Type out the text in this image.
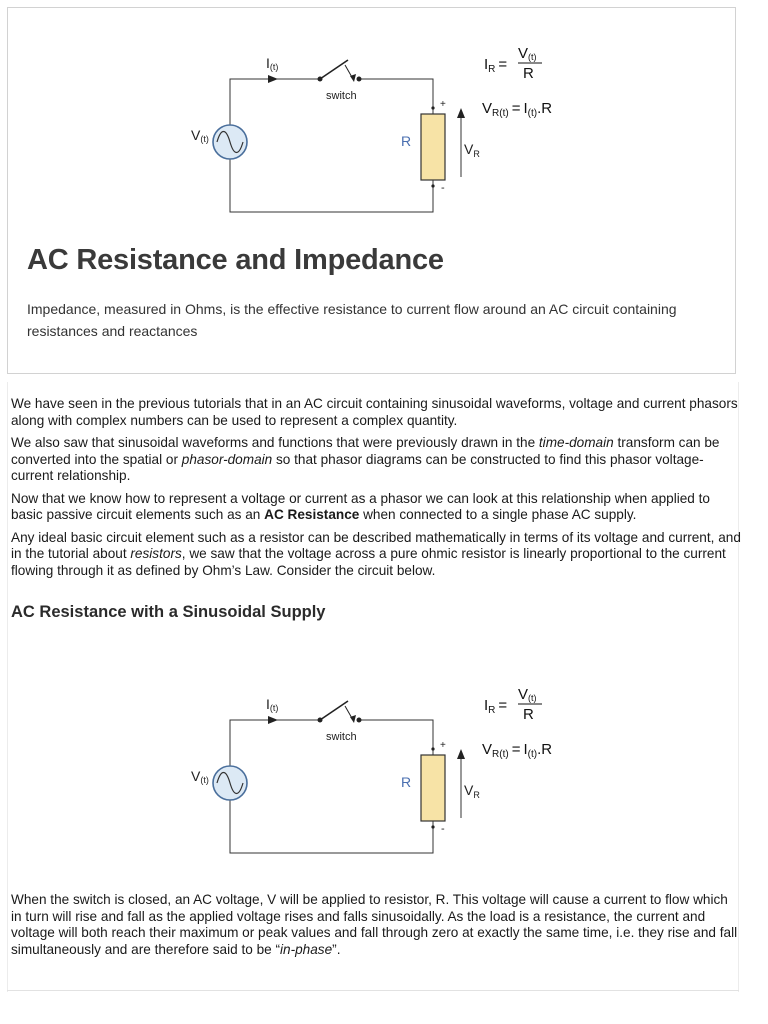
I(t)
switch
V(t)	R	$V_R$
+
-
$I_R$ =
V(t)
R
$V_{R(t)} = I_{(t)}.R$
AC Resistance and Impedance

Impedance, measured in Ohms, is the effective resistance to current flow around an AC circuit containing resistances and reactances

We have seen in the previous tutorials that in an AC circuit containing sinusoidal waveforms, voltage and current phasors along with complex numbers can be used to represent a complex quantity.

We also saw that sinusoidal waveforms and functions that were previously drawn in the time-domain transform can be converted into the spatial or phasor-domain so that phasor diagrams can be constructed to find this phasor voltage-current relationship.

Now that we know how to represent a voltage or current as a phasor we can look at this relationship when applied to basic passive circuit elements such as an AC Resistance when connected to a single phase AC supply.

Any ideal basic circuit element such as a resistor can be described mathematically in terms of its voltage and current, and in the tutorial about resistors, we saw that the voltage across a pure ohmic resistor is linearly proportional to the current flowing through it as defined by Ohm’s Law. Consider the circuit below.

AC Resistance with a Sinusoidal Supply
I(t)
switch
V(t)	R	$V_R$
+
-
$I_R$ =
V(t)
R
$V_{R(t)} = I_{(t)}.R$

When the switch is closed, an AC voltage, V will be applied to resistor, R. This voltage will cause a current to flow which in turn will rise and fall as the applied voltage rises and falls sinusoidally. As the load is a resistance, the current and voltage will both reach their maximum or peak values and fall through zero at exactly the same time, i.e. they rise and fall simultaneously and are therefore said to be “in-phase”.
